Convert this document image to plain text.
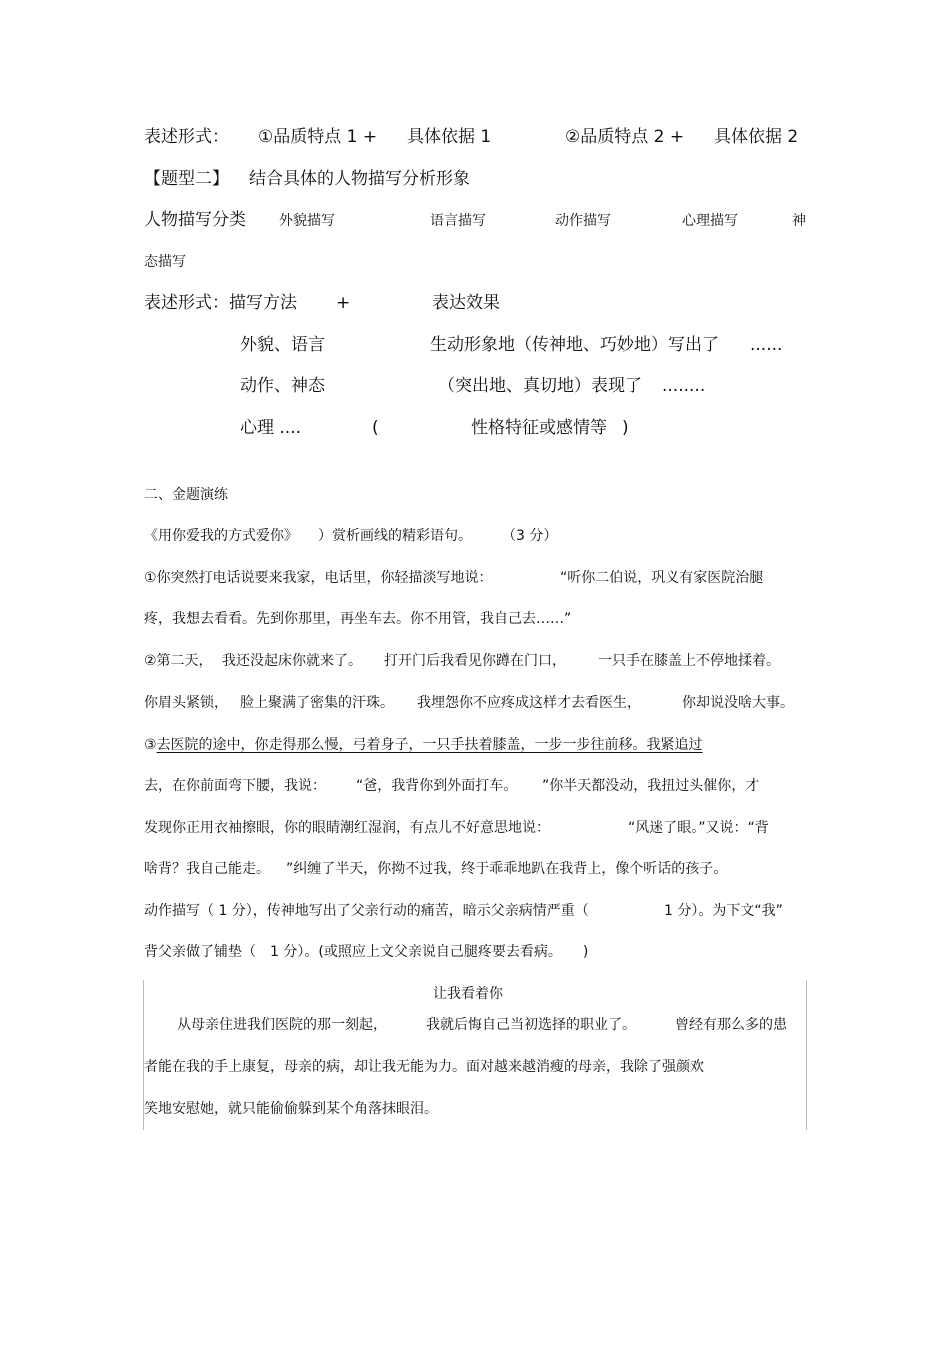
表述形式： ①品质特点 1 + 具体依据 1	②品质特点 2 + 具体依据 2
【题型二】 结合具体的人物描写分析形象
人物描写分类 外貌描写	语言描写	动作描写	心理描写	神
态描写
表述形式：描写方法 +	表达效果
外貌、语言	生动形象地（传神地、巧妙地）写出了 ......
动作、神态	（突出地、真切地）表现了 ........
心理 ....	(	性格特征或感情等 )
二、金题演练
《用你爱我的方式爱你》 ）赏析画线的精彩语句。 （3 分）
①你突然打电话说要来我家，电话里，你轻描淡写地说：	“听你二伯说，巩义有家医院治腿
疼，我想去看看。先到你那里，再坐车去。你不用管，我自己去……”
②第二天， 我还没起床你就来了。 打开门后我看见你蹲在门口， 一只手在膝盖上不停地揉着。
你眉头紧锁， 脸上聚满了密集的汗珠。 我埋怨你不应疼成这样才去看医生，	你却说没啥大事。
③去医院的途中，你走得那么慢，弓着身子，一只手扶着膝盖，一步一步往前移。我紧追过
去，在你前面弯下腰，我说： “爸，我背你到外面打车。 ”你半天都没动，我扭过头催你，才
发现你正用衣袖擦眼，你的眼睛潮红湿润，有点儿不好意思地说：	“风迷了眼。”又说：“背
啥背？我自己能走。 ”纠缠了半天，你拗不过我，终于乖乖地趴在我背上，像个听话的孩子。
动作描写（ 1 分），传神地写出了父亲行动的痛苦，暗示父亲病情严重（	1 分）。为下文“我”
背父亲做了铺垫（　1 分）。(或照应上文父亲说自己腿疼要去看病。　　)
让我看着你
从母亲住进我们医院的那一刻起，	我就后悔自己当初选择的职业了。	曾经有那么多的患
者能在我的手上康复，母亲的病，却让我无能为力。面对越来越消瘦的母亲，我除了强颜欢
笑地安慰她，就只能偷偷躲到某个角落抹眼泪。
